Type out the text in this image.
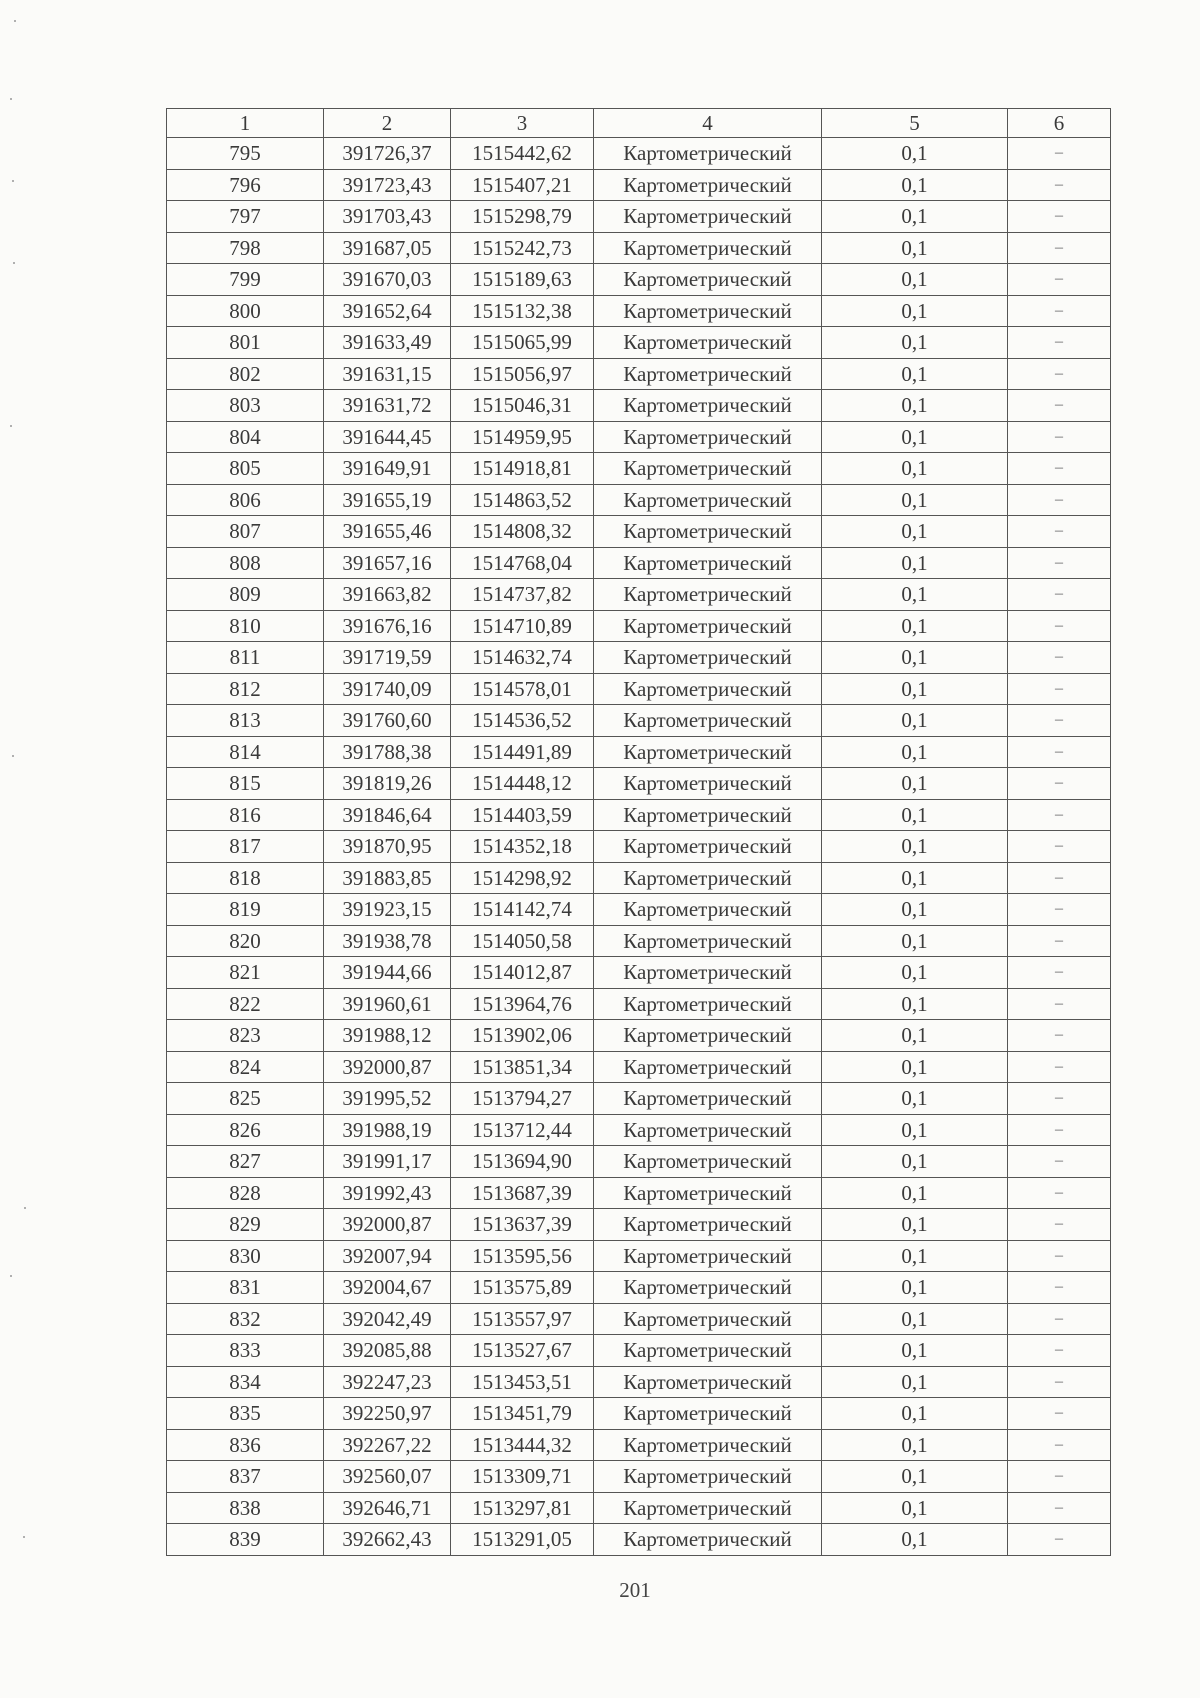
1	2	3	4	5	6
795	391726,37	1515442,62	Картометрический	0,1	–
796	391723,43	1515407,21	Картометрический	0,1	–
797	391703,43	1515298,79	Картометрический	0,1	–
798	391687,05	1515242,73	Картометрический	0,1	–
799	391670,03	1515189,63	Картометрический	0,1	–
800	391652,64	1515132,38	Картометрический	0,1	–
801	391633,49	1515065,99	Картометрический	0,1	–
802	391631,15	1515056,97	Картометрический	0,1	–
803	391631,72	1515046,31	Картометрический	0,1	–
804	391644,45	1514959,95	Картометрический	0,1	–
805	391649,91	1514918,81	Картометрический	0,1	–
806	391655,19	1514863,52	Картометрический	0,1	–
807	391655,46	1514808,32	Картометрический	0,1	–
808	391657,16	1514768,04	Картометрический	0,1	–
809	391663,82	1514737,82	Картометрический	0,1	–
810	391676,16	1514710,89	Картометрический	0,1	–
811	391719,59	1514632,74	Картометрический	0,1	–
812	391740,09	1514578,01	Картометрический	0,1	–
813	391760,60	1514536,52	Картометрический	0,1	–
814	391788,38	1514491,89	Картометрический	0,1	–
815	391819,26	1514448,12	Картометрический	0,1	–
816	391846,64	1514403,59	Картометрический	0,1	–
817	391870,95	1514352,18	Картометрический	0,1	–
818	391883,85	1514298,92	Картометрический	0,1	–
819	391923,15	1514142,74	Картометрический	0,1	–
820	391938,78	1514050,58	Картометрический	0,1	–
821	391944,66	1514012,87	Картометрический	0,1	–
822	391960,61	1513964,76	Картометрический	0,1	–
823	391988,12	1513902,06	Картометрический	0,1	–
824	392000,87	1513851,34	Картометрический	0,1	–
825	391995,52	1513794,27	Картометрический	0,1	–
826	391988,19	1513712,44	Картометрический	0,1	–
827	391991,17	1513694,90	Картометрический	0,1	–
828	391992,43	1513687,39	Картометрический	0,1	–
829	392000,87	1513637,39	Картометрический	0,1	–
830	392007,94	1513595,56	Картометрический	0,1	–
831	392004,67	1513575,89	Картометрический	0,1	–
832	392042,49	1513557,97	Картометрический	0,1	–
833	392085,88	1513527,67	Картометрический	0,1	–
834	392247,23	1513453,51	Картометрический	0,1	–
835	392250,97	1513451,79	Картометрический	0,1	–
836	392267,22	1513444,32	Картометрический	0,1	–
837	392560,07	1513309,71	Картометрический	0,1	–
838	392646,71	1513297,81	Картометрический	0,1	–
839	392662,43	1513291,05	Картометрический	0,1	–
201
